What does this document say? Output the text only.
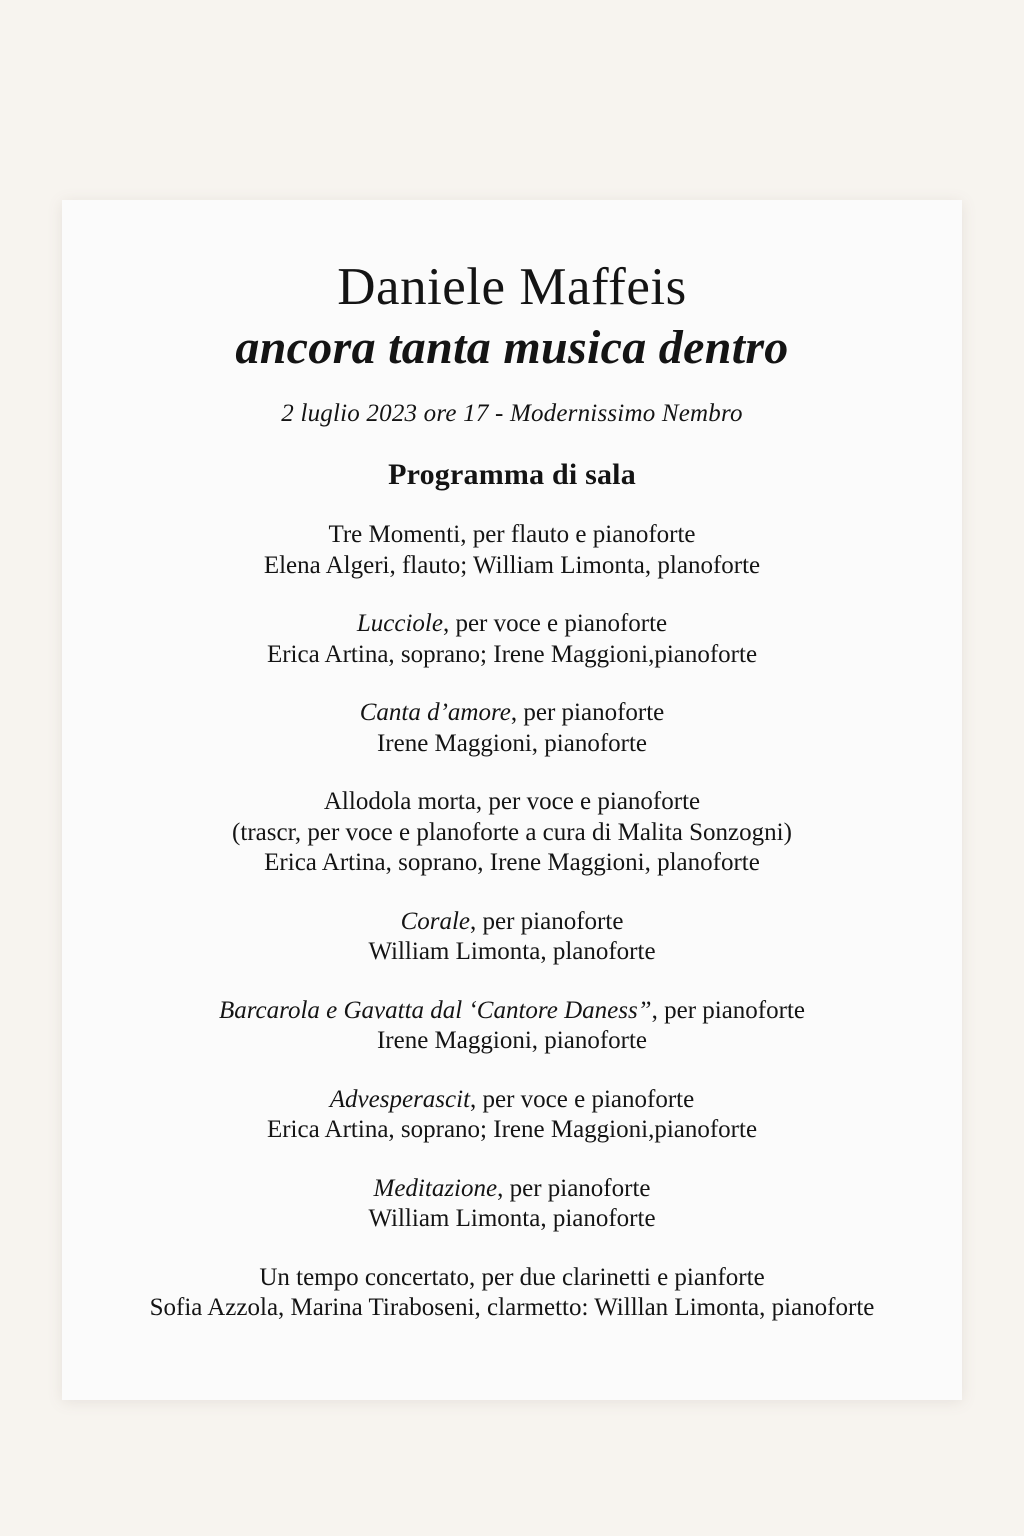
Daniele Maffeis
ancora tanta musica dentro

2 luglio 2023 ore 17 - Modernissimo Nembro

Programma di sala

Tre Momenti, per flauto e pianoforte

Elena Algeri, flauto; William Limonta, planoforte

Lucciole, per voce e pianoforte

Erica Artina, soprano; Irene Maggioni,pianoforte

Canta d’amore, per pianoforte

Irene Maggioni, pianoforte

Allodola morta, per voce e pianoforte

(trascr, per voce e planoforte a cura di Malita Sonzogni)

Erica Artina, soprano, Irene Maggioni, planoforte

Corale, per pianoforte

William Limonta, planoforte

Barcarola e Gavatta dal ‘Cantore Daness”, per pianoforte

Irene Maggioni, pianoforte

Advesperascit, per voce e pianoforte

Erica Artina, soprano; Irene Maggioni,pianoforte

Meditazione, per pianoforte

William Limonta, pianoforte

Un tempo concertato, per due clarinetti e pianforte

Sofia Azzola, Marina Tiraboseni, clarmetto: Willlan Limonta, pianoforte
